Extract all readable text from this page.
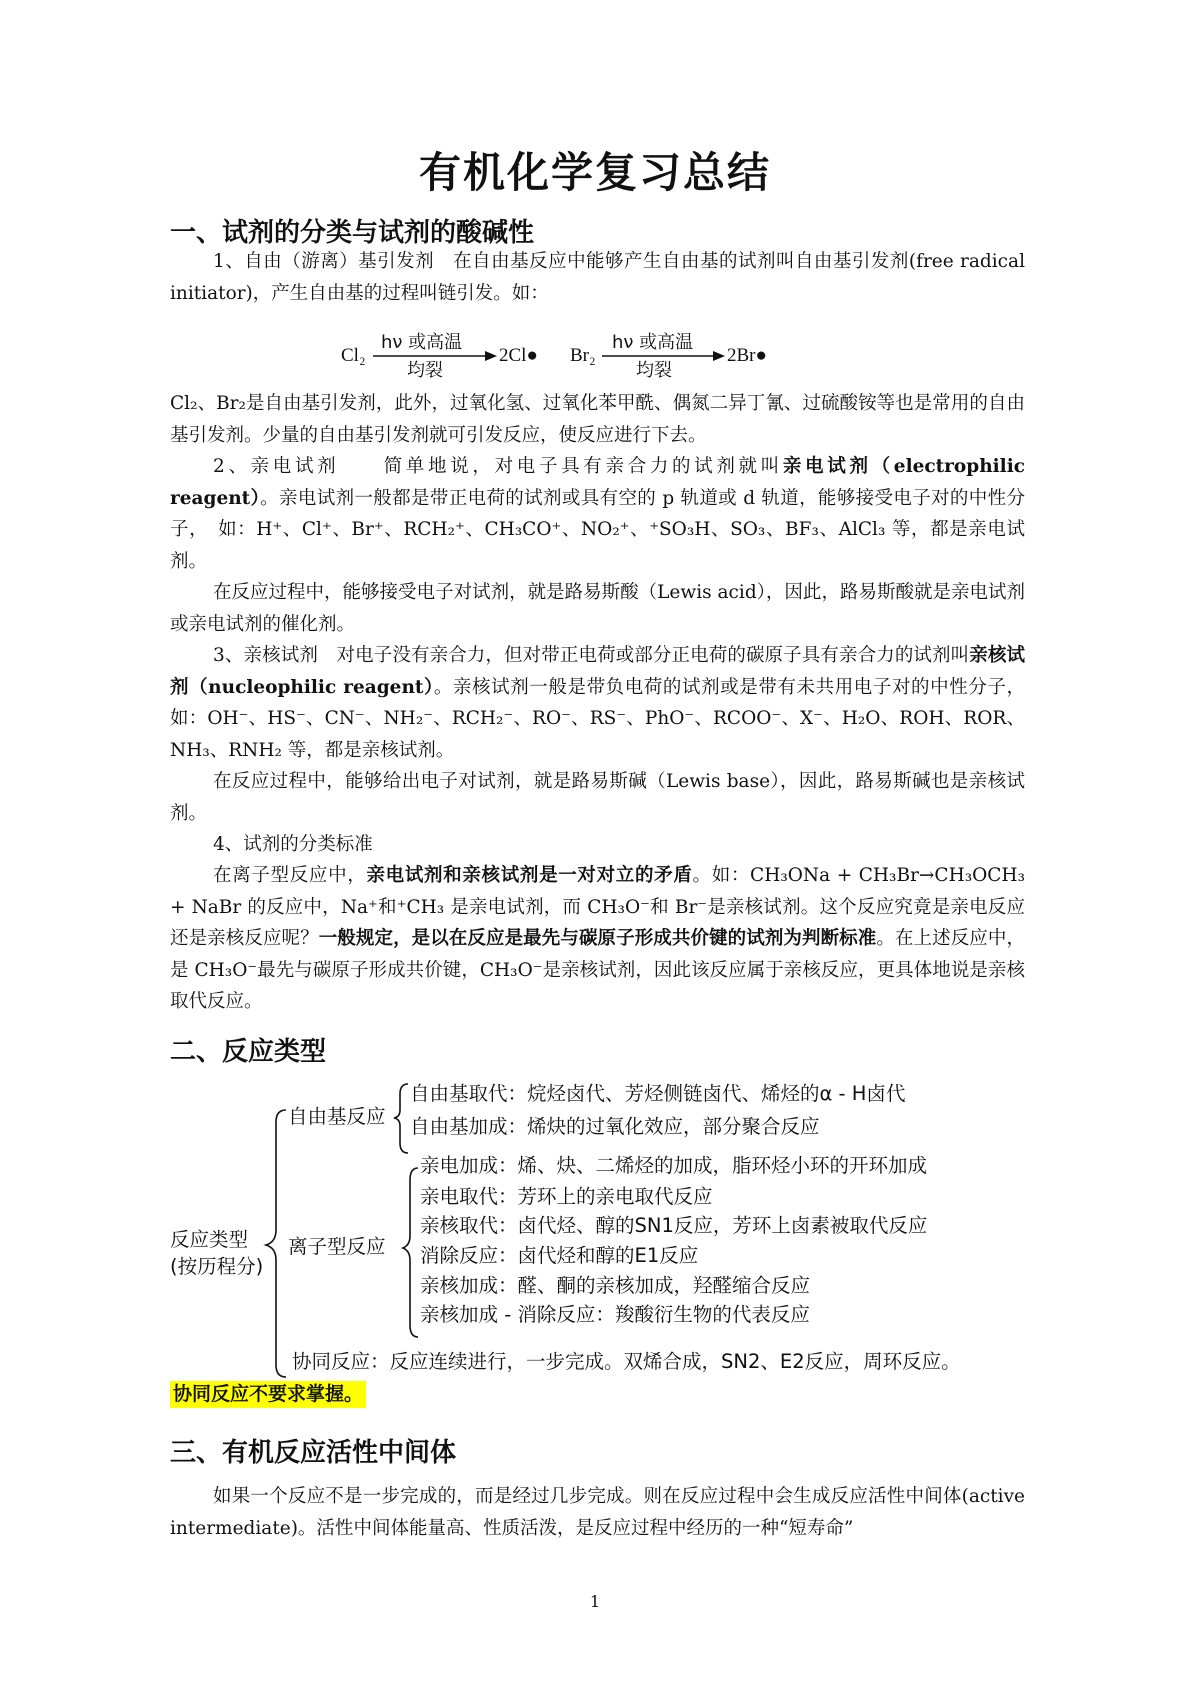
有机化学复习总结
一、试剂的分类与试剂的酸碱性

1、自由（游离）基引发剂　在自由基反应中能够产生自由基的试剂叫自由基引发剂(free radical initiator)，产生自由基的过程叫链引发。如：

Cl₂
hν 或高温
均裂
2Cl● Br₂
hν 或高温
均裂
2Br●

Cl₂、Br₂是自由基引发剂，此外，过氧化氢、过氧化苯甲酰、偶氮二异丁氰、过硫酸铵等也是常用的自由基引发剂。少量的自由基引发剂就可引发反应，使反应进行下去。

2、亲电试剂　　简单地说，对电子具有亲合力的试剂就叫亲电试剂（electrophilic reagent）。亲电试剂一般都是带正电荷的试剂或具有空的 p 轨道或 d 轨道，能够接受电子对的中性分子，　如：H⁺、Cl⁺、Br⁺、RCH₂⁺、CH₃CO⁺、NO₂⁺、⁺SO₃H、SO₃、BF₃、AlCl₃ 等，都是亲电试剂。

在反应过程中，能够接受电子对试剂，就是路易斯酸（Lewis acid），因此，路易斯酸就是亲电试剂或亲电试剂的催化剂。

3、亲核试剂　对电子没有亲合力，但对带正电荷或部分正电荷的碳原子具有亲合力的试剂叫亲核试剂（nucleophilic reagent）。亲核试剂一般是带负电荷的试剂或是带有未共用电子对的中性分子，如：OH⁻、HS⁻、CN⁻、NH₂⁻、RCH₂⁻、RO⁻、RS⁻、PhO⁻、RCOO⁻、X⁻、H₂O、ROH、ROR、NH₃、RNH₂ 等，都是亲核试剂。

在反应过程中，能够给出电子对试剂，就是路易斯碱（Lewis base），因此，路易斯碱也是亲核试剂。

4、试剂的分类标准

在离子型反应中，亲电试剂和亲核试剂是一对对立的矛盾。如：CH₃ONa + CH₃Br→CH₃OCH₃ + NaBr 的反应中，Na⁺和⁺CH₃ 是亲电试剂，而 CH₃O⁻和 Br⁻是亲核试剂。这个反应究竟是亲电反应还是亲核反应呢？一般规定，是以在反应是最先与碳原子形成共价键的试剂为判断标准。在上述反应中，是 CH₃O⁻最先与碳原子形成共价键，CH₃O⁻是亲核试剂，因此该反应属于亲核反应，更具体地说是亲核取代反应。

二、反应类型
反应类型
(按历程分)
自由基反应
自由基取代：烷烃卤代、芳烃侧链卤代、烯烃的α - H卤代
自由基加成：烯炔的过氧化效应，部分聚合反应
离子型反应
亲电加成：烯、炔、二烯烃的加成，脂环烃小环的开环加成
亲电取代：芳环上的亲电取代反应
亲核取代：卤代烃、醇的SN1反应，芳环上卤素被取代反应
消除反应：卤代烃和醇的E1反应
亲核加成：醛、酮的亲核加成，羟醛缩合反应
亲核加成 - 消除反应：羧酸衍生物的代表反应
协同反应：反应连续进行，一步完成。双烯合成，SN2、E2反应，周环反应。
协同反应不要求掌握。
三、有机反应活性中间体

如果一个反应不是一步完成的，而是经过几步完成。则在反应过程中会生成反应活性中间体(active intermediate)。活性中间体能量高、性质活泼，是反应过程中经历的一种“短寿命”

1
